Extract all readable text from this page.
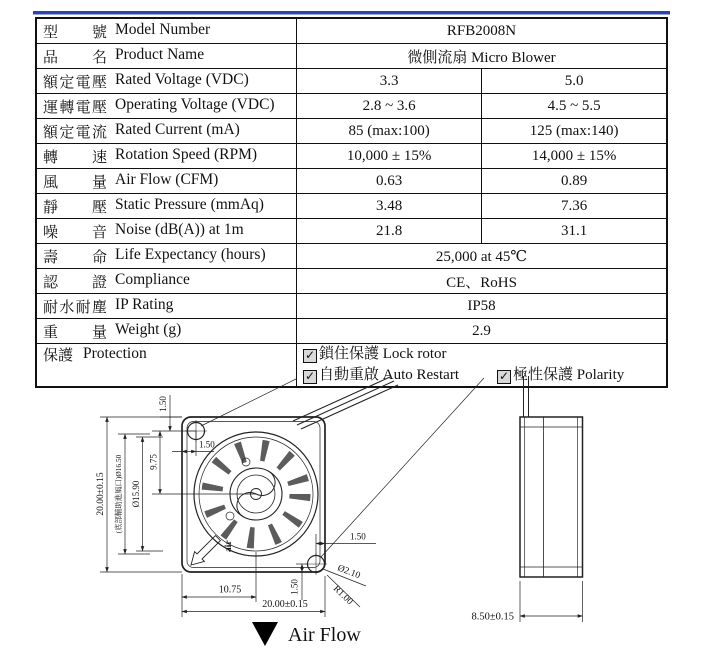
型 號 Model Number	RFB2008N	
品 名 Product Name	微側流扇 Micro Blower	
額定電壓 Rated Voltage (VDC)	3.3	5.0
運轉電壓 Operating Voltage (VDC)	2.8 ~ 3.6	4.5 ~ 5.5
額定電流 Rated Current (mA)	85 (max:100)	125 (max:140)
轉 速 Rotation Speed (RPM)	10,000 ± 15%	14,000 ± 15%
風 量 Air Flow (CFM)	0.63	0.89
靜 壓 Static Pressure (mmAq)	3.48	7.36
噪 音 Noise (dB(A)) at 1m	21.8	31.1
壽 命 Life Expectancy (hours)	25,000 at 45℃	
認 證 Compliance	CE、RoHS	
耐水耐塵 IP Rating	IP58	
重 量 Weight (g)	2.9	
保護 Protection	✓ 鎖住保護 Lock rotor
✓ 自動重啟 Auto Restart ✓ 極性保護 Polarity	
air
20.00±0.15 (底部輔助進風口)Ø16.50 Ø15.90
9.75
1.50
1.50
10.75
20.00±0.15
1.50
1.50
Ø2.10
R1.00
8.50±0.15
Air Flow
